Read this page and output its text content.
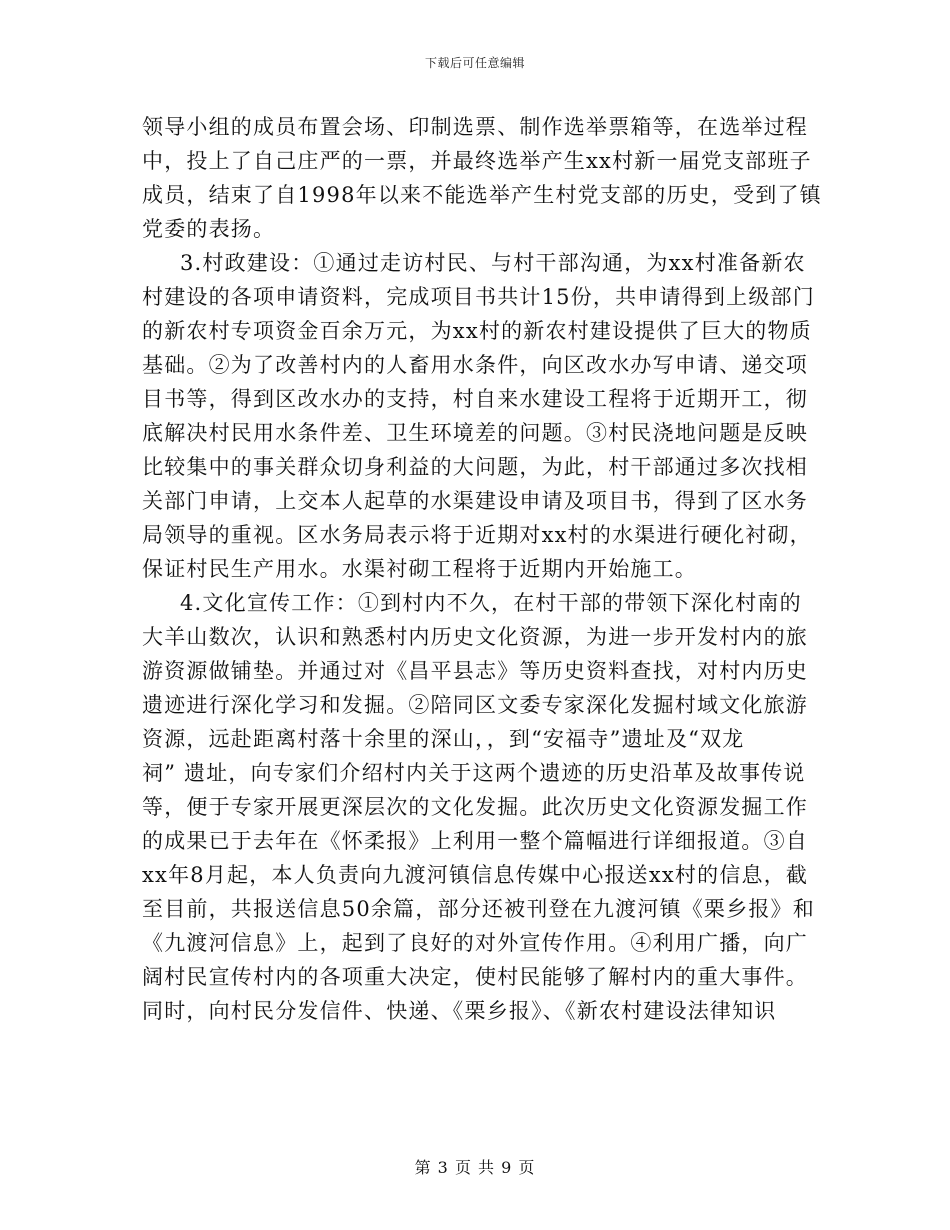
下载后可任意编辑
领导小组的成员布置会场、印制选票、制作选举票箱等，在选举过程
中，投上了自己庄严的一票，并最终选举产生xx村新一届党支部班子
成员，结束了自1998年以来不能选举产生村党支部的历史，受到了镇
党委的表扬。
3.村政建设：①通过走访村民、与村干部沟通，为xx村准备新农
村建设的各项申请资料，完成项目书共计15份，共申请得到上级部门
的新农村专项资金百余万元，为xx村的新农村建设提供了巨大的物质
基础。②为了改善村内的人畜用水条件，向区改水办写申请、递交项
目书等，得到区改水办的支持，村自来水建设工程将于近期开工，彻
底解决村民用水条件差、卫生环境差的问题。③村民浇地问题是反映
比较集中的事关群众切身利益的大问题，为此，村干部通过多次找相
关部门申请，上交本人起草的水渠建设申请及项目书，得到了区水务
局领导的重视。区水务局表示将于近期对xx村的水渠进行硬化衬砌，
保证村民生产用水。水渠衬砌工程将于近期内开始施工。
4.文化宣传工作：①到村内不久，在村干部的带领下深化村南的
大羊山数次，认识和熟悉村内历史文化资源，为进一步开发村内的旅
游资源做铺垫。并通过对《昌平县志》等历史资料查找，对村内历史
遗迹进行深化学习和发掘。②陪同区文委专家深化发掘村域文化旅游
资源，远赴距离村落十余里的深山，，到“安福寺”遗址及“双龙
祠” 遗址，向专家们介绍村内关于这两个遗迹的历史沿革及故事传说
等，便于专家开展更深层次的文化发掘。此次历史文化资源发掘工作
的成果已于去年在《怀柔报》上利用一整个篇幅进行详细报道。③自
xx年8月起，本人负责向九渡河镇信息传媒中心报送xx村的信息，截
至目前，共报送信息50余篇，部分还被刊登在九渡河镇《栗乡报》和
《九渡河信息》上，起到了良好的对外宣传作用。④利用广播，向广
阔村民宣传村内的各项重大决定，使村民能够了解村内的重大事件。
同时，向村民分发信件、快递、《栗乡报》、《新农村建设法律知识
第 3 页 共 9 页
